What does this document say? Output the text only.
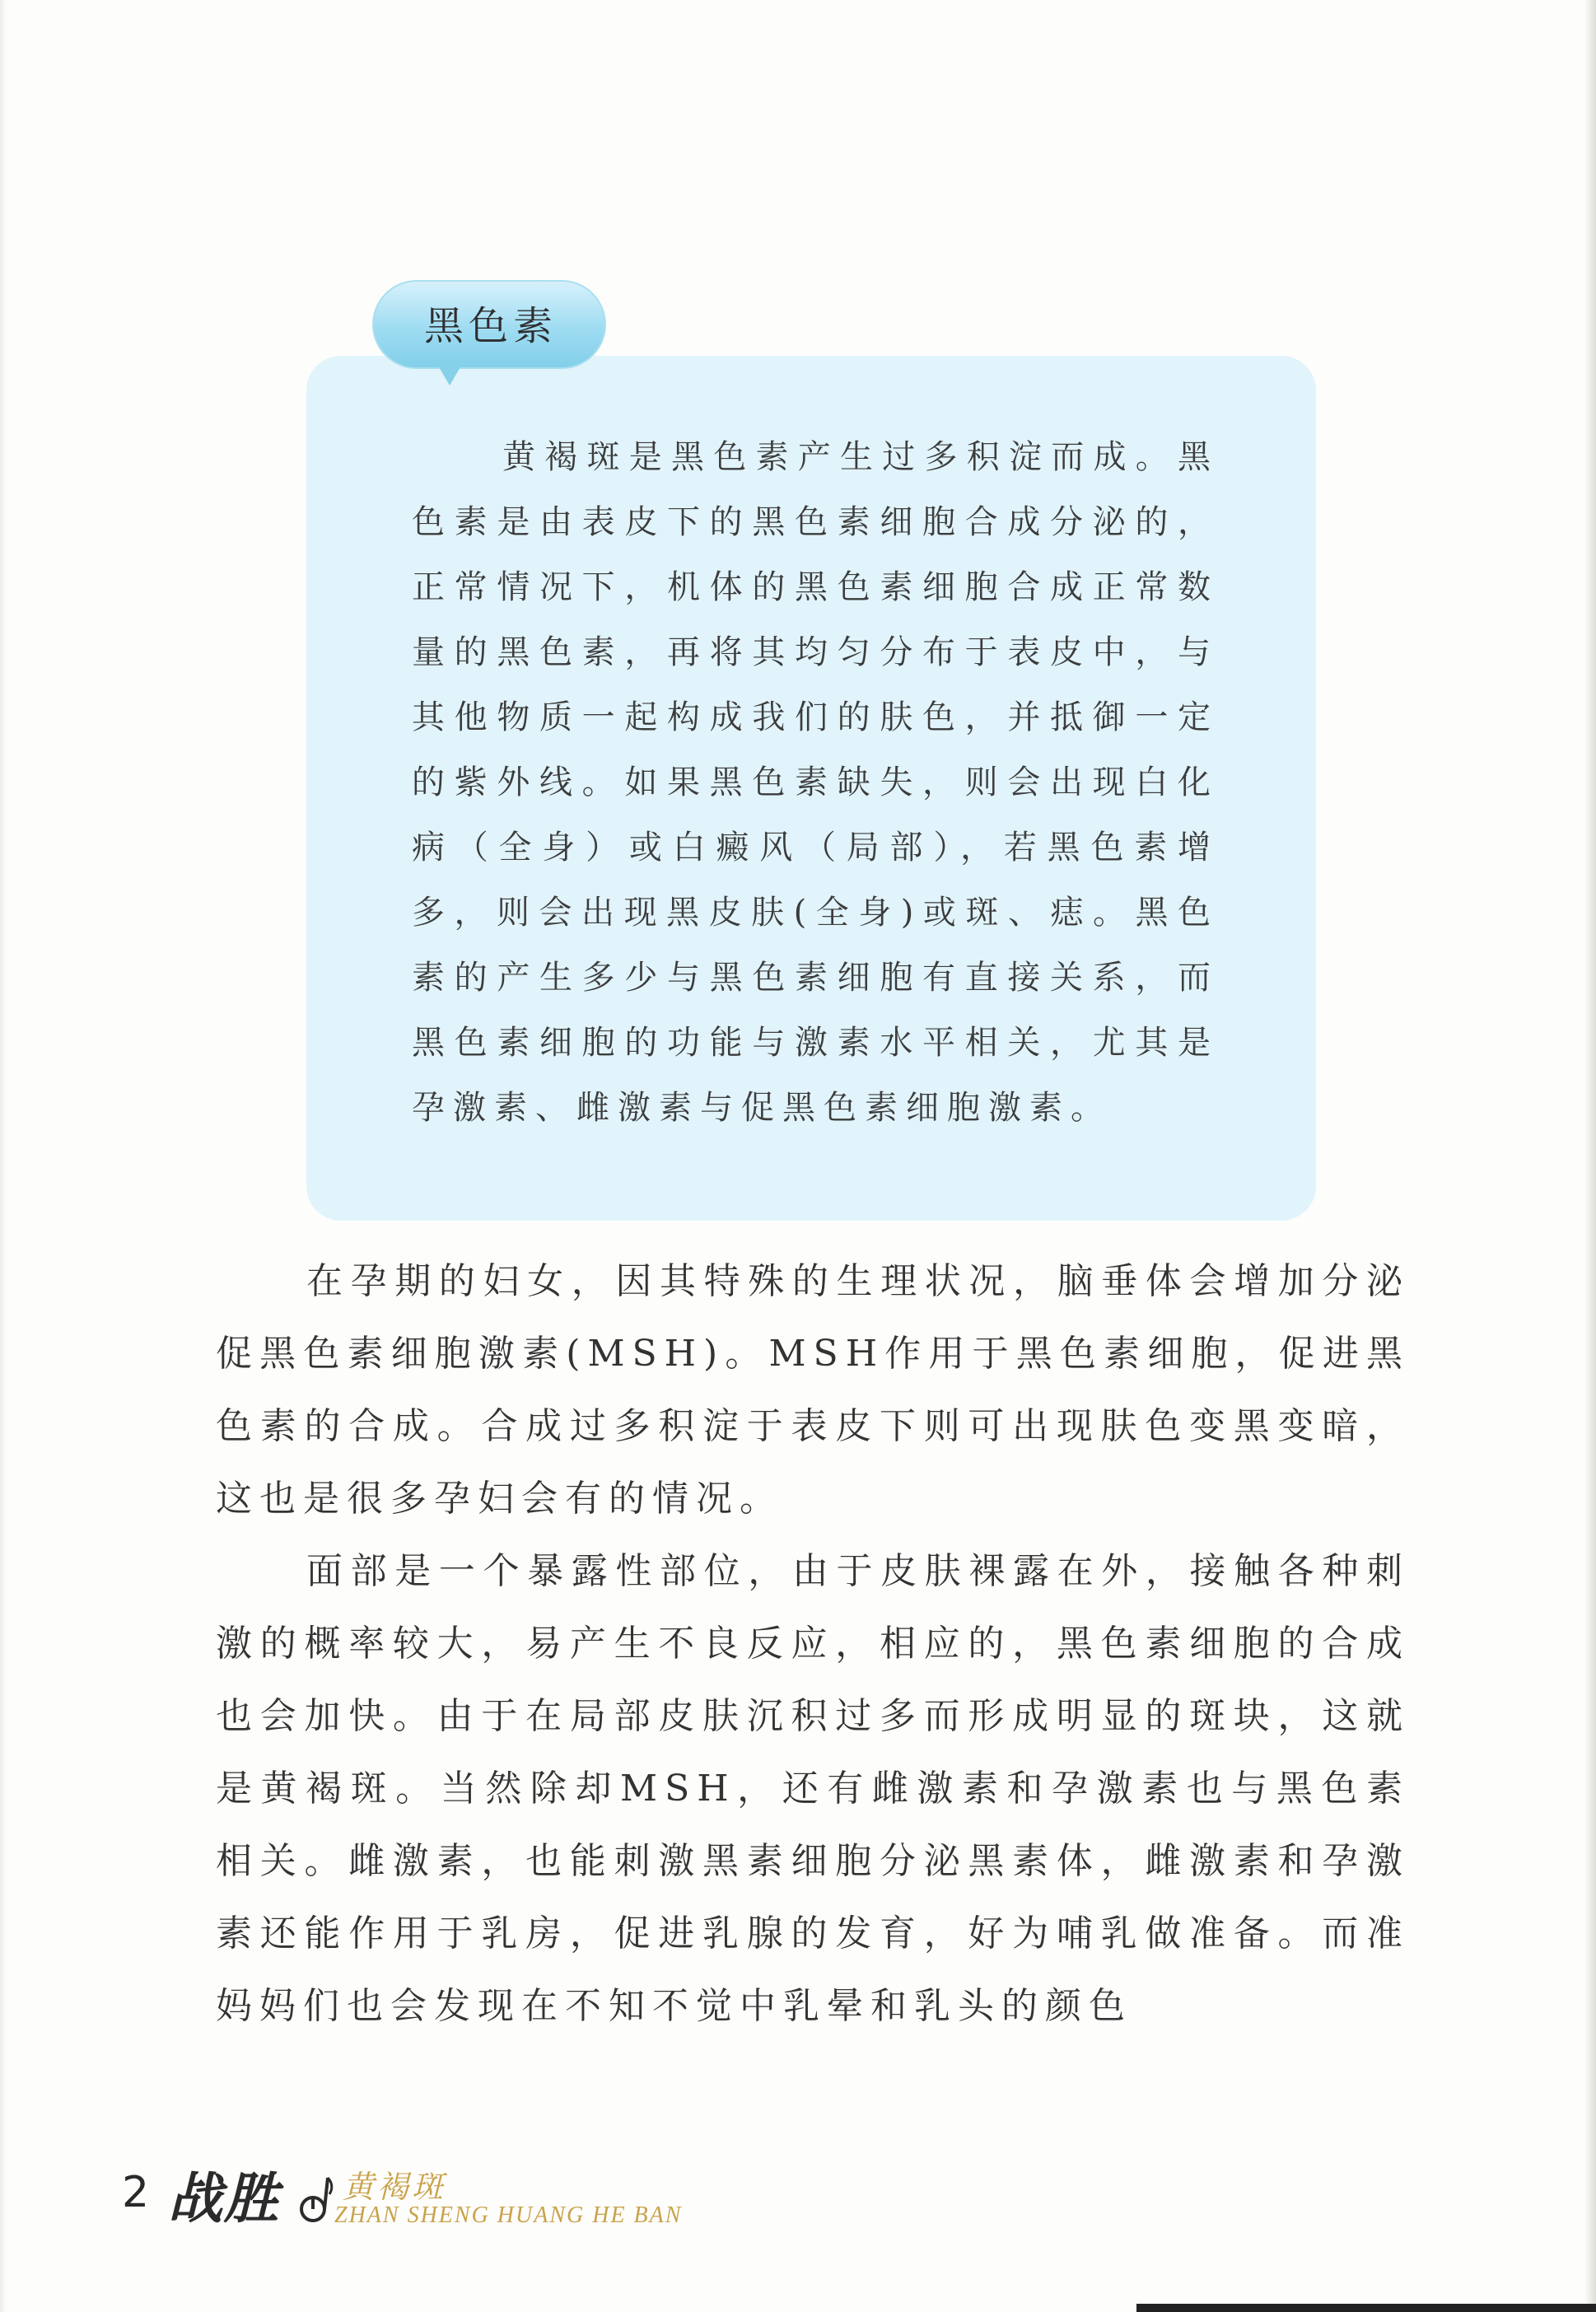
黑色素

黄褐斑是黑色素产生过多积淀而成。黑色素是由表皮下的黑色素细胞合成分泌的，正常情况下，机体的黑色素细胞合成正常数量的黑色素，再将其均匀分布于表皮中，与其他物质一起构成我们的肤色，并抵御一定的紫外线。如果黑色素缺失，则会出现白化病（全身）或白癜风（局部），若黑色素增多，则会出现黑皮肤(全身)或斑、痣。黑色素的产生多少与黑色素细胞有直接关系，而黑色素细胞的功能与激素水平相关，尤其是孕激素、雌激素与促黑色素细胞激素。

在孕期的妇女，因其特殊的生理状况，脑垂体会增加分泌促黑色素细胞激素(MSH)。MSH作用于黑色素细胞，促进黑色素的合成。合成过多积淀于表皮下则可出现肤色变黑变暗，这也是很多孕妇会有的情况。

面部是一个暴露性部位，由于皮肤裸露在外，接触各种刺激的概率较大，易产生不良反应，相应的，黑色素细胞的合成也会加快。由于在局部皮肤沉积过多而形成明显的斑块，这就是黄褐斑。当然除却MSH，还有雌激素和孕激素也与黑色素相关。雌激素，也能刺激黑素细胞分泌黑素体，雌激素和孕激素还能作用于乳房，促进乳腺的发育，好为哺乳做准备。而准妈妈们也会发现在不知不觉中乳晕和乳头的颜色

2 战胜 黄褐斑
ZHAN SHENG HUANG HE BAN
